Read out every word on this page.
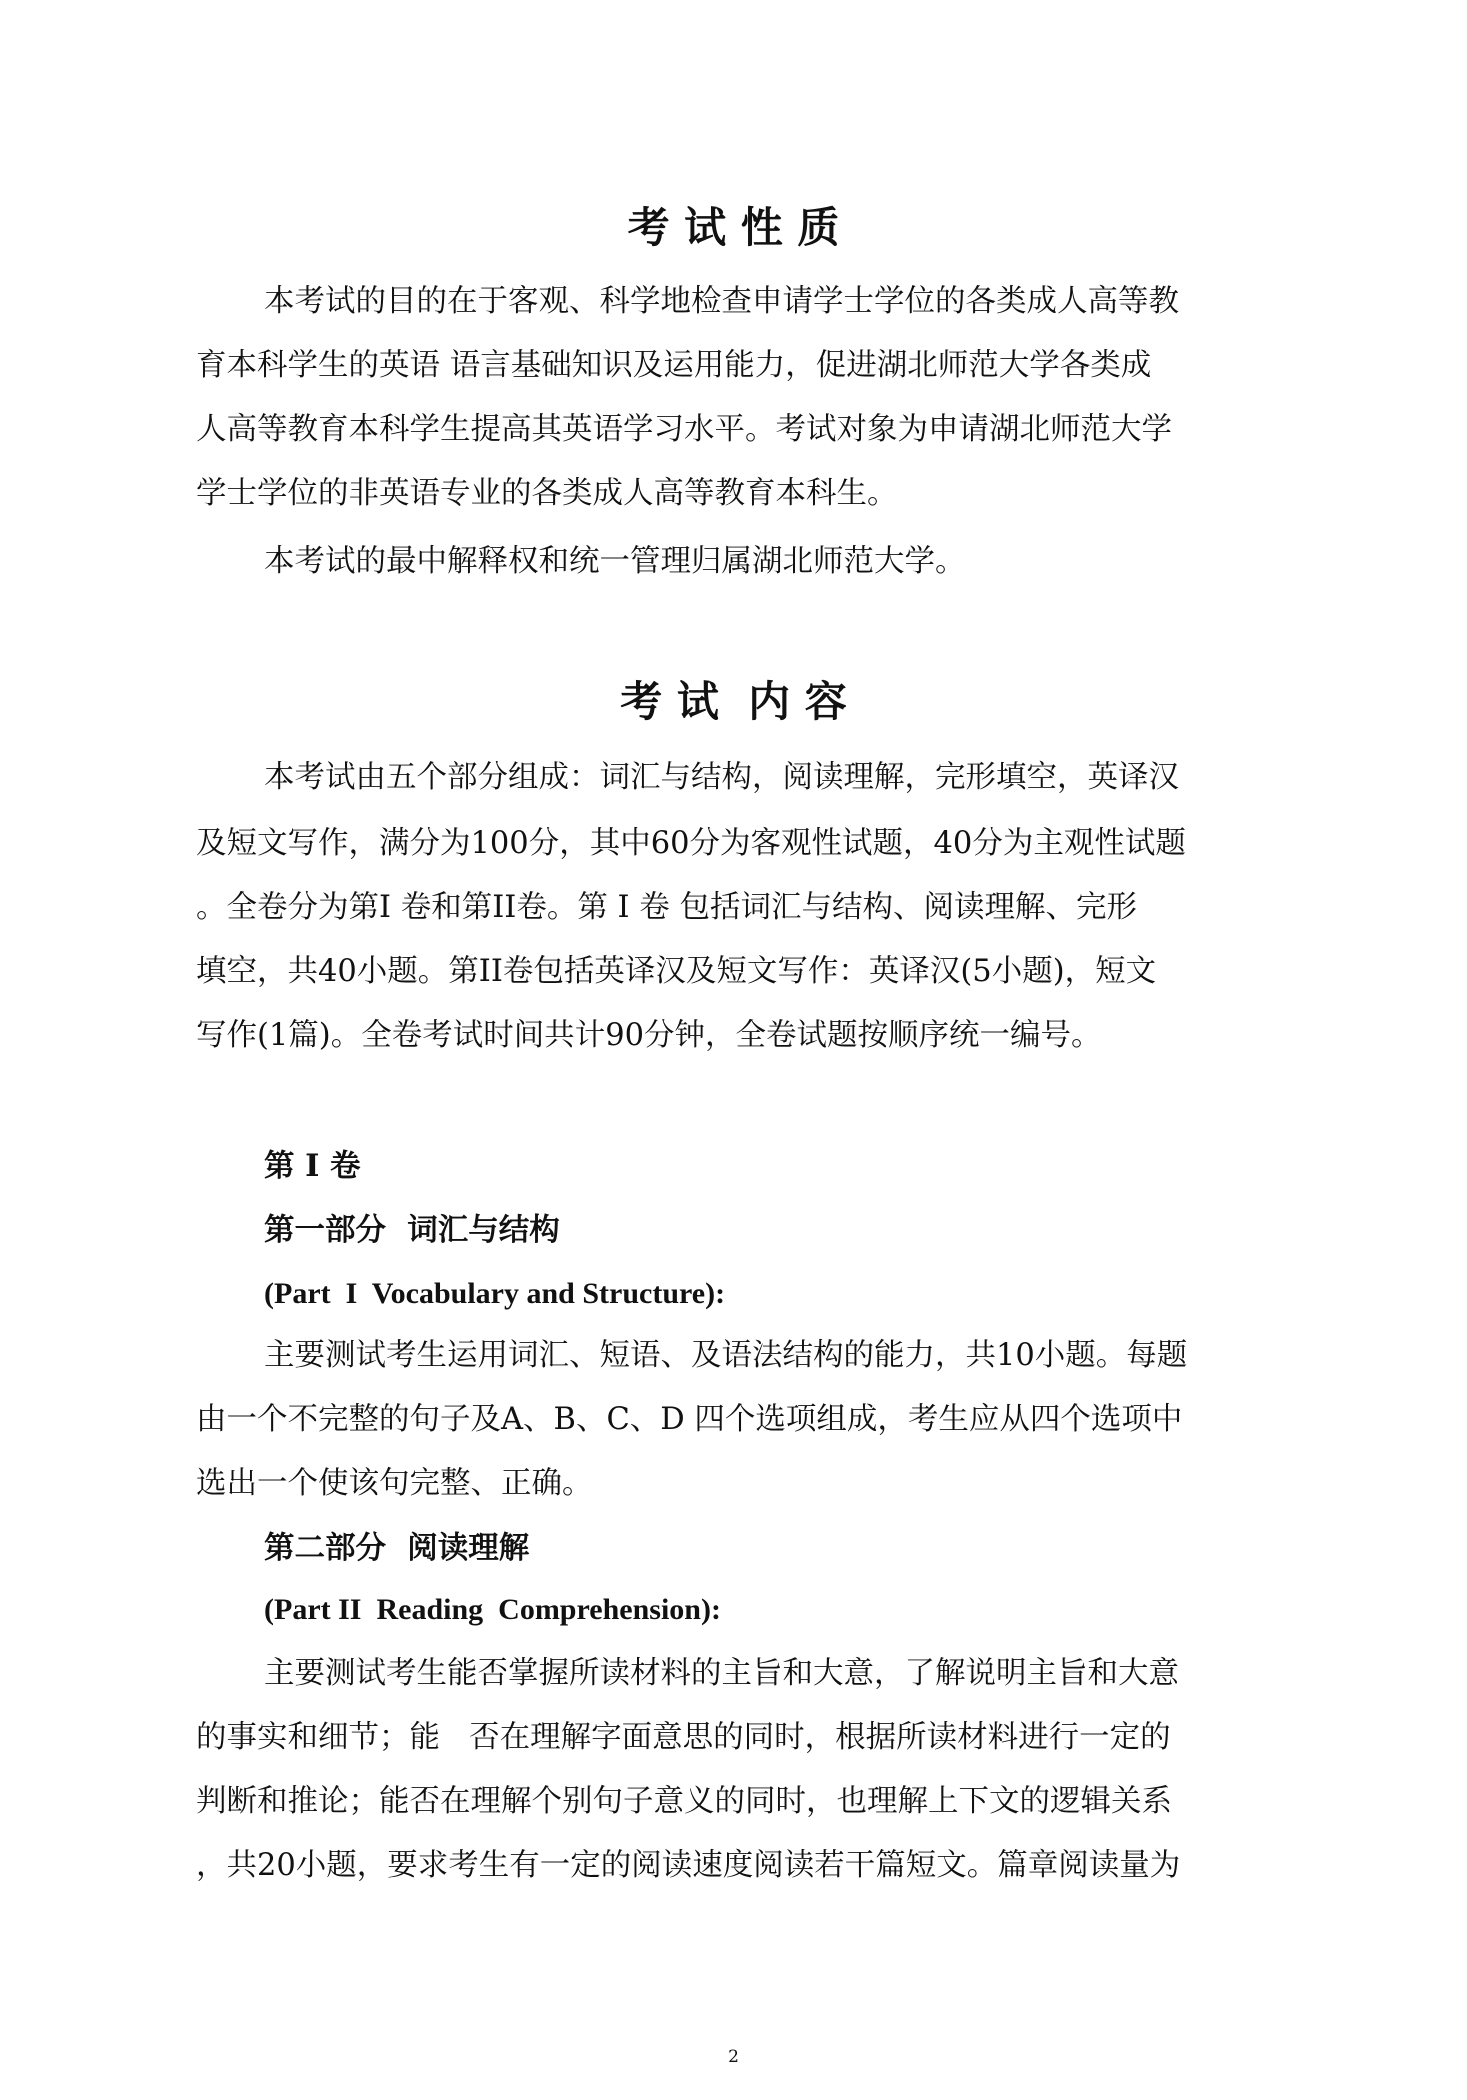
考 试 性 质

本考试的目的在于客观、科学地检查申请学士学位的各类成人高等教

育本科学生的英语 语言基础知识及运用能力，促进湖北师范大学各类成

人高等教育本科学生提高其英语学习水平。考试对象为申请湖北师范大学

学士学位的非英语专业的各类成人高等教育本科生。

本考试的最中解释权和统一管理归属湖北师范大学。

考 试  内 容

本考试由五个部分组成：词汇与结构，阅读理解，完形填空，英译汉

及短文写作，满分为100分，其中60分为客观性试题，40分为主观性试题

。全卷分为第I 卷和第II卷。第 I 卷 包括词汇与结构、阅读理解、完形

填空，共40小题。第II卷包括英译汉及短文写作：英译汉(5小题)，短文

写作(1篇)。全卷考试时间共计90分钟，全卷试题按顺序统一编号。

第 I 卷

第一部分  词汇与结构

(Part  I  Vocabulary and Structure):

主要测试考生运用词汇、短语、及语法结构的能力，共10小题。每题

由一个不完整的句子及A、B、C、D 四个选项组成，考生应从四个选项中

选出一个使该句完整、正确。

第二部分  阅读理解

(Part II  Reading  Comprehension):

主要测试考生能否掌握所读材料的主旨和大意，了解说明主旨和大意

的事实和细节；能   否在理解字面意思的同时，根据所读材料进行一定的

判断和推论；能否在理解个别句子意义的同时，也理解上下文的逻辑关系

，共20小题，要求考生有一定的阅读速度阅读若干篇短文。篇章阅读量为

2
